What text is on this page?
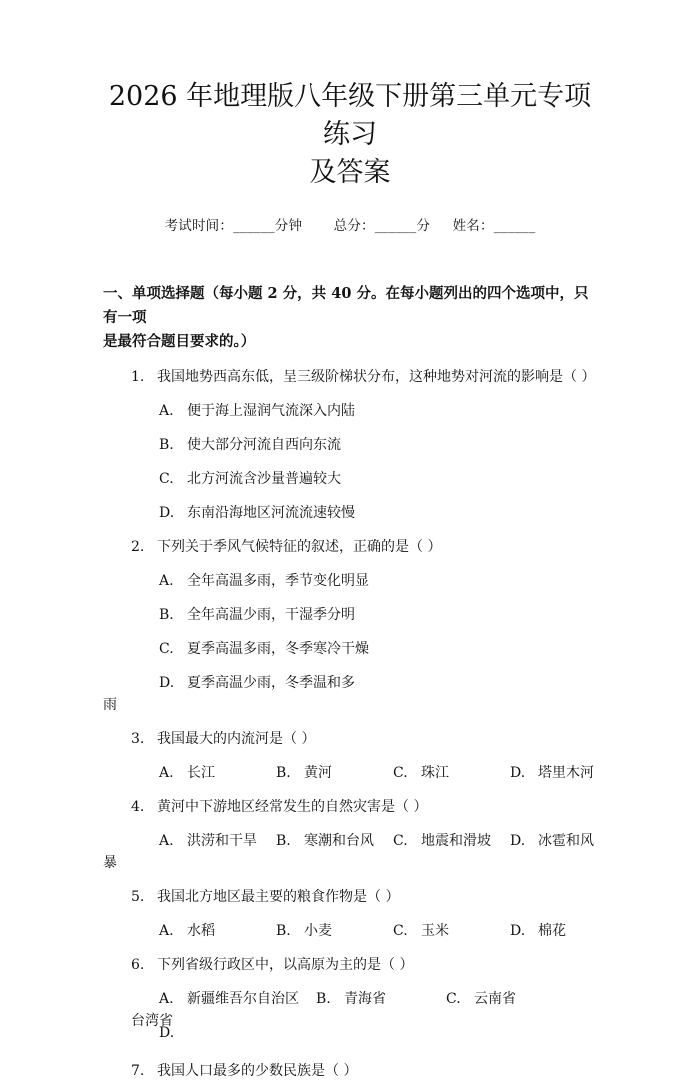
2026 年地理版八年级下册第三单元专项练习
及答案
考试时间：______分钟 总分：______分 姓名：______
一、单项选择题（每小题 2 分，共 40 分。在每小题列出的四个选项中，只有一项
是最符合题目要求的。）
1. 我国地势西高东低，呈三级阶梯状分布，这种地势对河流的影响是（ ）
A. 便于海上湿润气流深入内陆
B. 使大部分河流自西向东流
C. 北方河流含沙量普遍较大
D. 东南沿海地区河流流速较慢
2. 下列关于季风气候特征的叙述，正确的是（ ）
A. 全年高温多雨，季节变化明显
B. 全年高温少雨，干湿季分明
C. 夏季高温多雨，冬季寒冷干燥
D. 夏季高温少雨，冬季温和多
雨
3. 我国最大的内流河是（ ）
A. 长江	B. 黄河	C. 珠江	D. 塔里木河
4. 黄河中下游地区经常发生的自然灾害是（ ）
A. 洪涝和干旱	B. 寒潮和台风	C. 地震和滑坡	D. 冰雹和风
暴
5. 我国北方地区最主要的粮食作物是（ ）
A. 水稻	B. 小麦	C. 玉米	D. 棉花
6. 下列省级行政区中，以高原为主的是（ ）
A. 新疆维吾尔自治区	B. 青海省	C. 云南省
D.
台湾省
7. 我国人口最多的少数民族是（ ）
